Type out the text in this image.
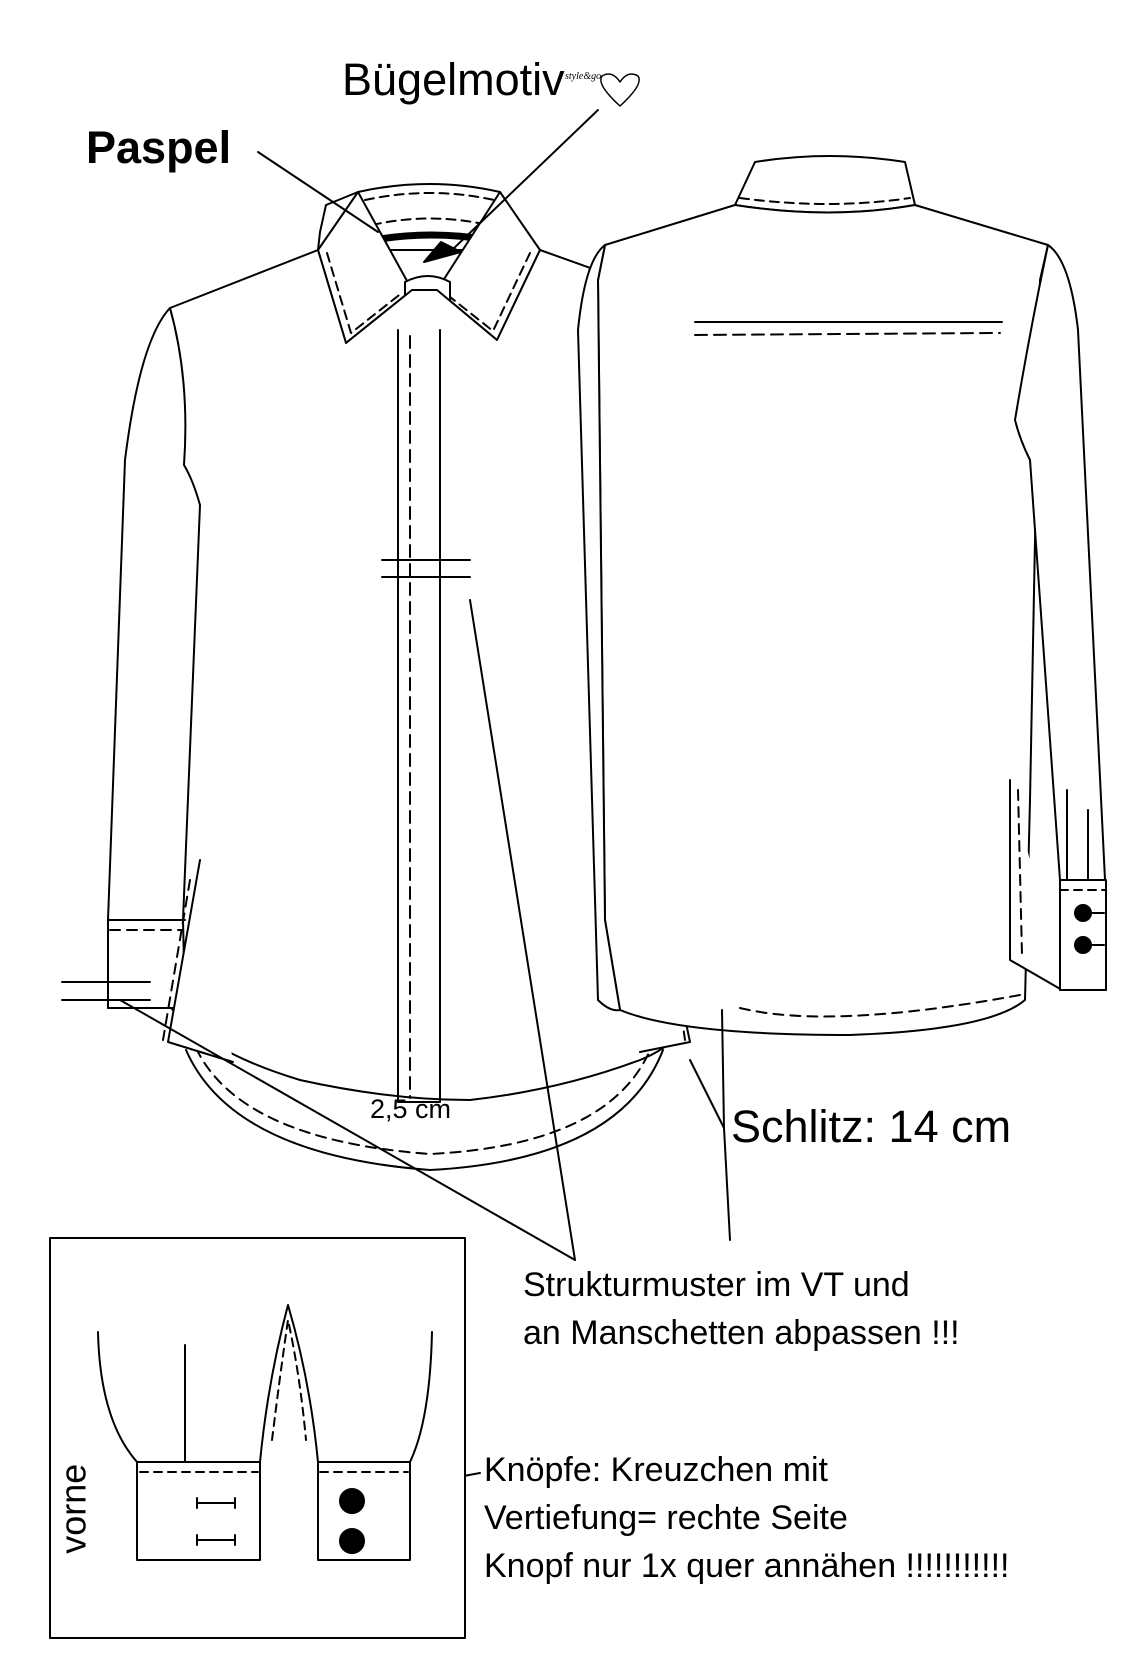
Paspel
Bügelmotiv style&go
2,5 cm	Schlitz: 14 cm
Strukturmuster im VT und
an Manschetten abpassen !!!
Knöpfe: Kreuzchen mit
Vertiefung= rechte Seite
Knopf nur 1x quer annähen !!!!!!!!!!!
vorne
